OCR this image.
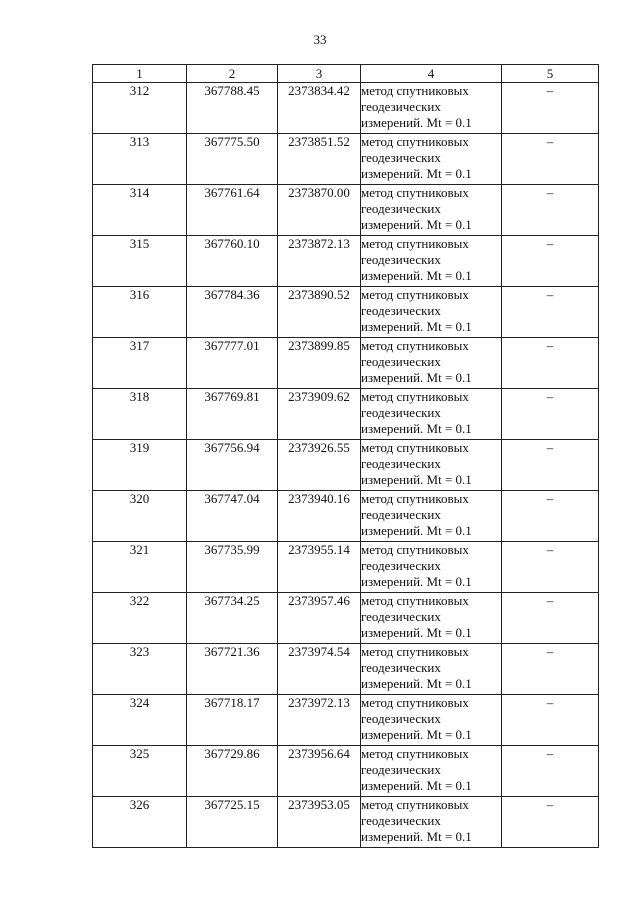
33
1	2	3	4	5
312	367788.45	2373834.42	метод спутниковых геодезических измерений. Mt = 0.1	–
313	367775.50	2373851.52	метод спутниковых геодезических измерений. Mt = 0.1	–
314	367761.64	2373870.00	метод спутниковых геодезических измерений. Mt = 0.1	–
315	367760.10	2373872.13	метод спутниковых геодезических измерений. Mt = 0.1	–
316	367784.36	2373890.52	метод спутниковых геодезических измерений. Mt = 0.1	–
317	367777.01	2373899.85	метод спутниковых геодезических измерений. Mt = 0.1	–
318	367769.81	2373909.62	метод спутниковых геодезических измерений. Mt = 0.1	–
319	367756.94	2373926.55	метод спутниковых геодезических измерений. Mt = 0.1	–
320	367747.04	2373940.16	метод спутниковых геодезических измерений. Mt = 0.1	–
321	367735.99	2373955.14	метод спутниковых геодезических измерений. Mt = 0.1	–
322	367734.25	2373957.46	метод спутниковых геодезических измерений. Mt = 0.1	–
323	367721.36	2373974.54	метод спутниковых геодезических измерений. Mt = 0.1	–
324	367718.17	2373972.13	метод спутниковых геодезических измерений. Mt = 0.1	–
325	367729.86	2373956.64	метод спутниковых геодезических измерений. Mt = 0.1	–
326	367725.15	2373953.05	метод спутниковых геодезических измерений. Mt = 0.1	–
